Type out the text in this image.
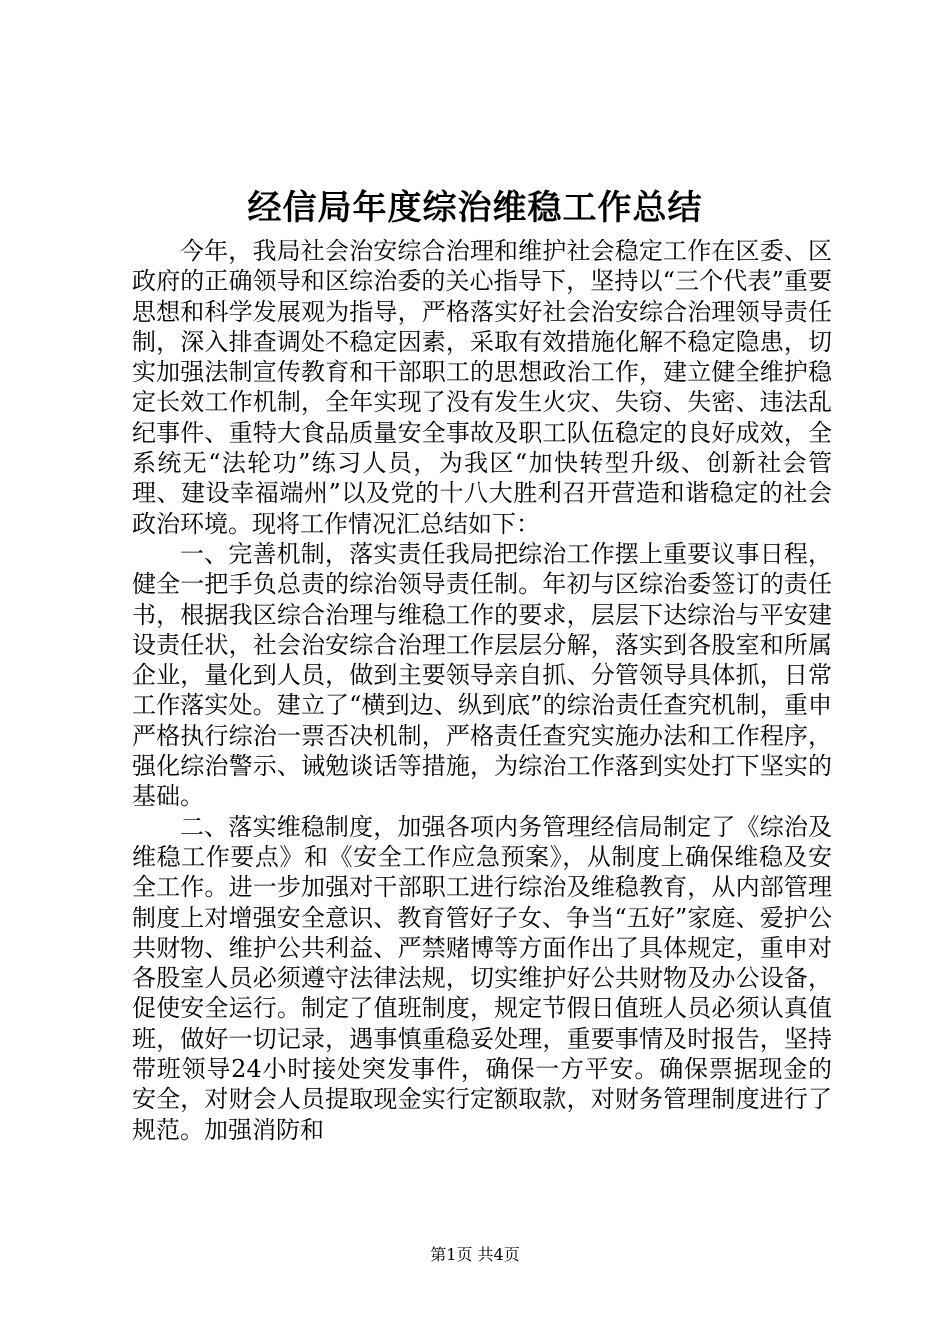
经信局年度综治维稳工作总结

今年，我局社会治安综合治理和维护社会稳定工作在区委、区政府的正确领导和区综治委的关心指导下，坚持以“三个代表”重要思想和科学发展观为指导，严格落实好社会治安综合治理领导责任制，深入排查调处不稳定因素，采取有效措施化解不稳定隐患，切实加强法制宣传教育和干部职工的思想政治工作，建立健全维护稳定长效工作机制，全年实现了没有发生火灾、失窃、失密、违法乱纪事件、重特大食品质量安全事故及职工队伍稳定的良好成效，全系统无“法轮功”练习人员，为我区“加快转型升级、创新社会管理、建设幸福端州”以及党的十八大胜利召开营造和谐稳定的社会政治环境。现将工作情况汇总结如下：

一、完善机制，落实责任我局把综治工作摆上重要议事日程，健全一把手负总责的综治领导责任制。年初与区综治委签订的责任书，根据我区综合治理与维稳工作的要求，层层下达综治与平安建设责任状，社会治安综合治理工作层层分解，落实到各股室和所属企业，量化到人员，做到主要领导亲自抓、分管领导具体抓，日常工作落实处。建立了“横到边、纵到底”的综治责任查究机制，重申严格执行综治一票否决机制，严格责任查究实施办法和工作程序，强化综治警示、诫勉谈话等措施，为综治工作落到实处打下坚实的基础。

二、落实维稳制度，加强各项内务管理经信局制定了《综治及维稳工作要点》和《安全工作应急预案》，从制度上确保维稳及安全工作。进一步加强对干部职工进行综治及维稳教育，从内部管理制度上对增强安全意识、教育管好子女、争当“五好”家庭、爱护公共财物、维护公共利益、严禁赌博等方面作出了具体规定，重申对各股室人员必须遵守法律法规，切实维护好公共财物及办公设备，促使安全运行。制定了值班制度，规定节假日值班人员必须认真值班，做好一切记录，遇事慎重稳妥处理，重要事情及时报告，坚持带班领导24小时接处突发事件，确保一方平安。确保票据现金的安全，对财会人员提取现金实行定额取款，对财务管理制度进行了规范。加强消防和

第1页 共4页
